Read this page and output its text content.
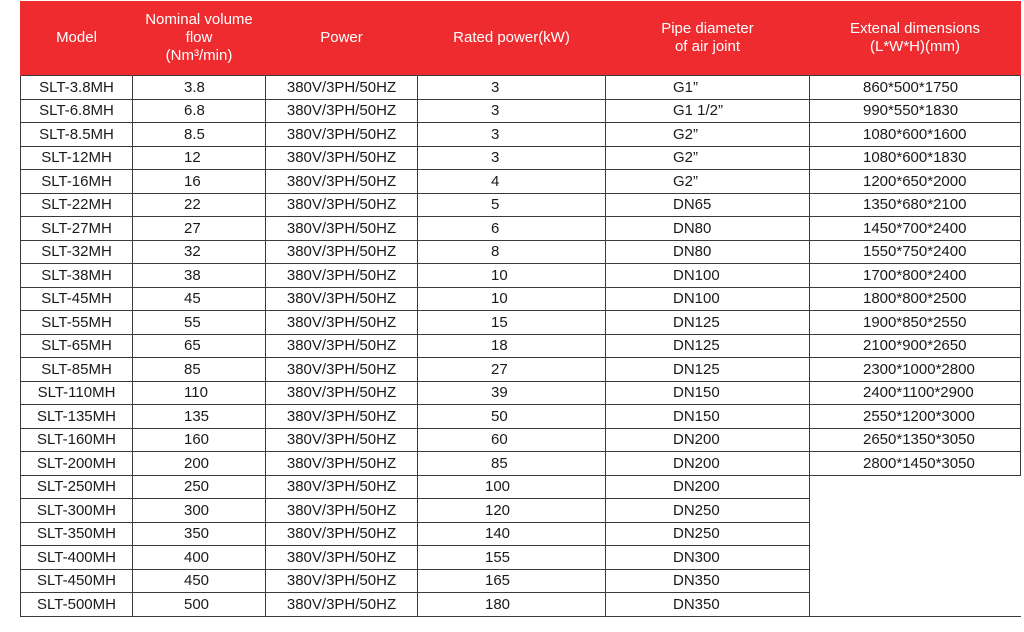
Model	Nominal volume
flow
(Nm³/min)	Power	Rated power(kW)	Pipe diameter
of air joint	Extenal dimensions
(L*W*H)(mm)

SLT-3.8MH	3.8	380V/3PH/50HZ	3	G1”	860*500*1750
SLT-6.8MH	6.8	380V/3PH/50HZ	3	G1 1/2”	990*550*1830
SLT-8.5MH	8.5	380V/3PH/50HZ	3	G2”	1080*600*1600
SLT-12MH	12	380V/3PH/50HZ	3	G2”	1080*600*1830
SLT-16MH	16	380V/3PH/50HZ	4	G2”	1200*650*2000
SLT-22MH	22	380V/3PH/50HZ	5	DN65	1350*680*2100
SLT-27MH	27	380V/3PH/50HZ	6	DN80	1450*700*2400
SLT-32MH	32	380V/3PH/50HZ	8	DN80	1550*750*2400
SLT-38MH	38	380V/3PH/50HZ	10	DN100	1700*800*2400
SLT-45MH	45	380V/3PH/50HZ	10	DN100	1800*800*2500
SLT-55MH	55	380V/3PH/50HZ	15	DN125	1900*850*2550
SLT-65MH	65	380V/3PH/50HZ	18	DN125	2100*900*2650
SLT-85MH	85	380V/3PH/50HZ	27	DN125	2300*1000*2800
SLT-110MH	110	380V/3PH/50HZ	39	DN150	2400*1100*2900
SLT-135MH	135	380V/3PH/50HZ	50	DN150	2550*1200*3000
SLT-160MH	160	380V/3PH/50HZ	60	DN200	2650*1350*3050
SLT-200MH	200	380V/3PH/50HZ	85	DN200	2800*1450*3050
SLT-250MH	250	380V/3PH/50HZ	100	DN200	
SLT-300MH	300	380V/3PH/50HZ	120	DN250	
SLT-350MH	350	380V/3PH/50HZ	140	DN250	
SLT-400MH	400	380V/3PH/50HZ	155	DN300	
SLT-450MH	450	380V/3PH/50HZ	165	DN350	
SLT-500MH	500	380V/3PH/50HZ	180	DN350	
